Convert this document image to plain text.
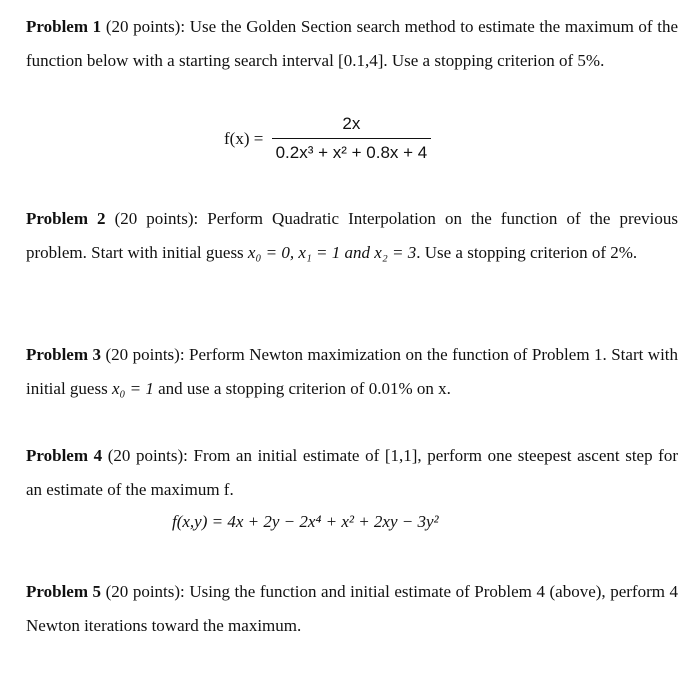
Problem 1 (20 points): Use the Golden Section search method to estimate the maximum of the function below with a starting search interval [0.1,4]. Use a stopping criterion of 5%.

$f(x) = \frac{2x}{\text{0.2x³ + x² + 0.8x + 4}}$

Problem 2 (20 points): Perform Quadratic Interpolation on the function of the previous problem. Start with initial guess x₀ = 0, x₁ = 1 and x₂ = 3. Use a stopping criterion of 2%.

Problem 3 (20 points): Perform Newton maximization on the function of Problem 1. Start with initial guess x₀ = 1 and use a stopping criterion of 0.01% on x.

Problem 4 (20 points): From an initial estimate of [1,1], perform one steepest ascent step for an estimate of the maximum f.

f(x,y) = 4x + 2y − 2x⁴ + x² + 2xy − 3y²

Problem 5 (20 points): Using the function and initial estimate of Problem 4 (above), perform 4 Newton iterations toward the maximum.
